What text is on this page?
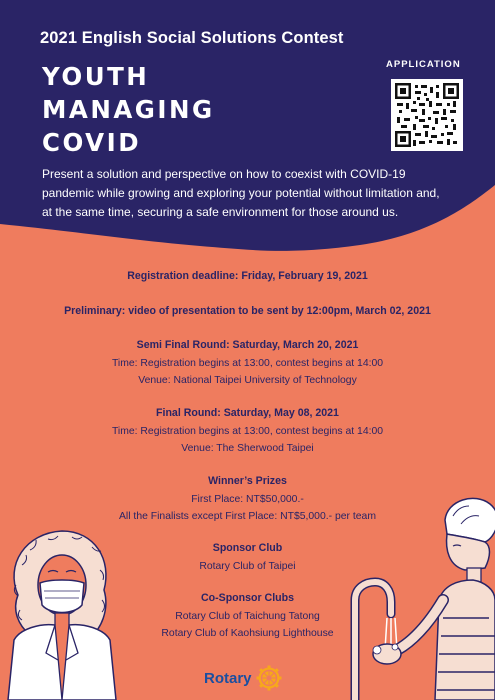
2021 English Social Solutions Contest
YOUTH
MANAGING
COVID
APPLICATION
Present a solution and perspective on how to coexist with COVID-19 pandemic while growing and exploring your potential without limitation and, at the same time, securing a safe environment for those around us.
Registration deadline: Friday, February 19, 2021
Preliminary: video of presentation to be sent by 12:00pm, March 02, 2021
Semi Final Round: Saturday, March 20, 2021
Time: Registration begins at 13:00, contest begins at 14:00
Venue: National Taipei University of Technology
Final Round: Saturday, May 08, 2021
Time: Registration begins at 13:00, contest begins at 14:00
Venue: The Sherwood Taipei
Winner’s Prizes
First Place: NT$50,000.-
All the Finalists except First Place: NT$5,000.- per team
Sponsor Club
Rotary Club of Taipei
Co-Sponsor Clubs
Rotary Club of Taichung Tatong
Rotary Club of Kaohsiung Lighthouse
Rotary
